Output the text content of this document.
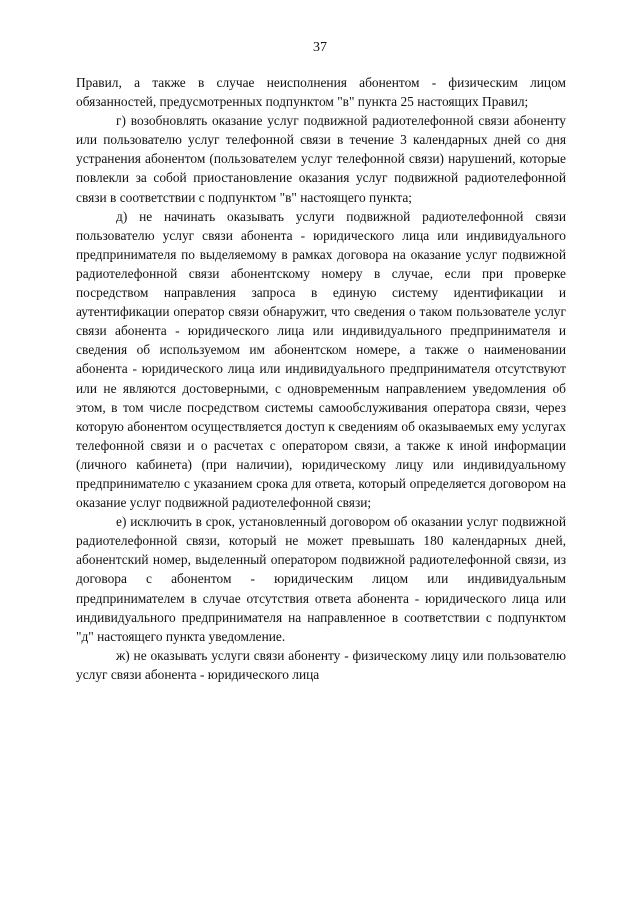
37

Правил, а также в случае неисполнения абонентом - физическим лицом обязанностей, предусмотренных подпунктом "в" пункта 25 настоящих Правил;

г) возобновлять оказание услуг подвижной радиотелефонной связи абоненту или пользователю услуг телефонной связи в течение 3 календарных дней со дня устранения абонентом (пользователем услуг телефонной связи) нарушений, которые повлекли за собой приостановление оказания услуг подвижной радиотелефонной связи в соответствии с подпунктом "в" настоящего пункта;

д) не начинать оказывать услуги подвижной радиотелефонной связи пользователю услуг связи абонента - юридического лица или индивидуального предпринимателя по выделяемому в рамках договора на оказание услуг подвижной радиотелефонной связи абонентскому номеру в случае, если при проверке посредством направления запроса в единую систему идентификации и аутентификации оператор связи обнаружит, что сведения о таком пользователе услуг связи абонента - юридического лица или индивидуального предпринимателя и сведения об используемом им абонентском номере, а также о наименовании абонента - юридического лица или индивидуального предпринимателя отсутствуют или не являются достоверными, с одновременным направлением уведомления об этом, в том числе посредством системы самообслуживания оператора связи, через которую абонентом осуществляется доступ к сведениям об оказываемых ему услугах телефонной связи и о расчетах с оператором связи, а также к иной информации (личного кабинета) (при наличии), юридическому лицу или индивидуальному предпринимателю с указанием срока для ответа, который определяется договором на оказание услуг подвижной радиотелефонной связи;

е) исключить в срок, установленный договором об оказании услуг подвижной радиотелефонной связи, который не может превышать 180 календарных дней, абонентский номер, выделенный оператором подвижной радиотелефонной связи, из договора с абонентом - юридическим лицом или индивидуальным предпринимателем в случае отсутствия ответа абонента - юридического лица или индивидуального предпринимателя на направленное в соответствии с подпунктом "д" настоящего пункта уведомление.

ж) не оказывать услуги связи абоненту - физическому лицу или пользователю услуг связи абонента - юридического лица
